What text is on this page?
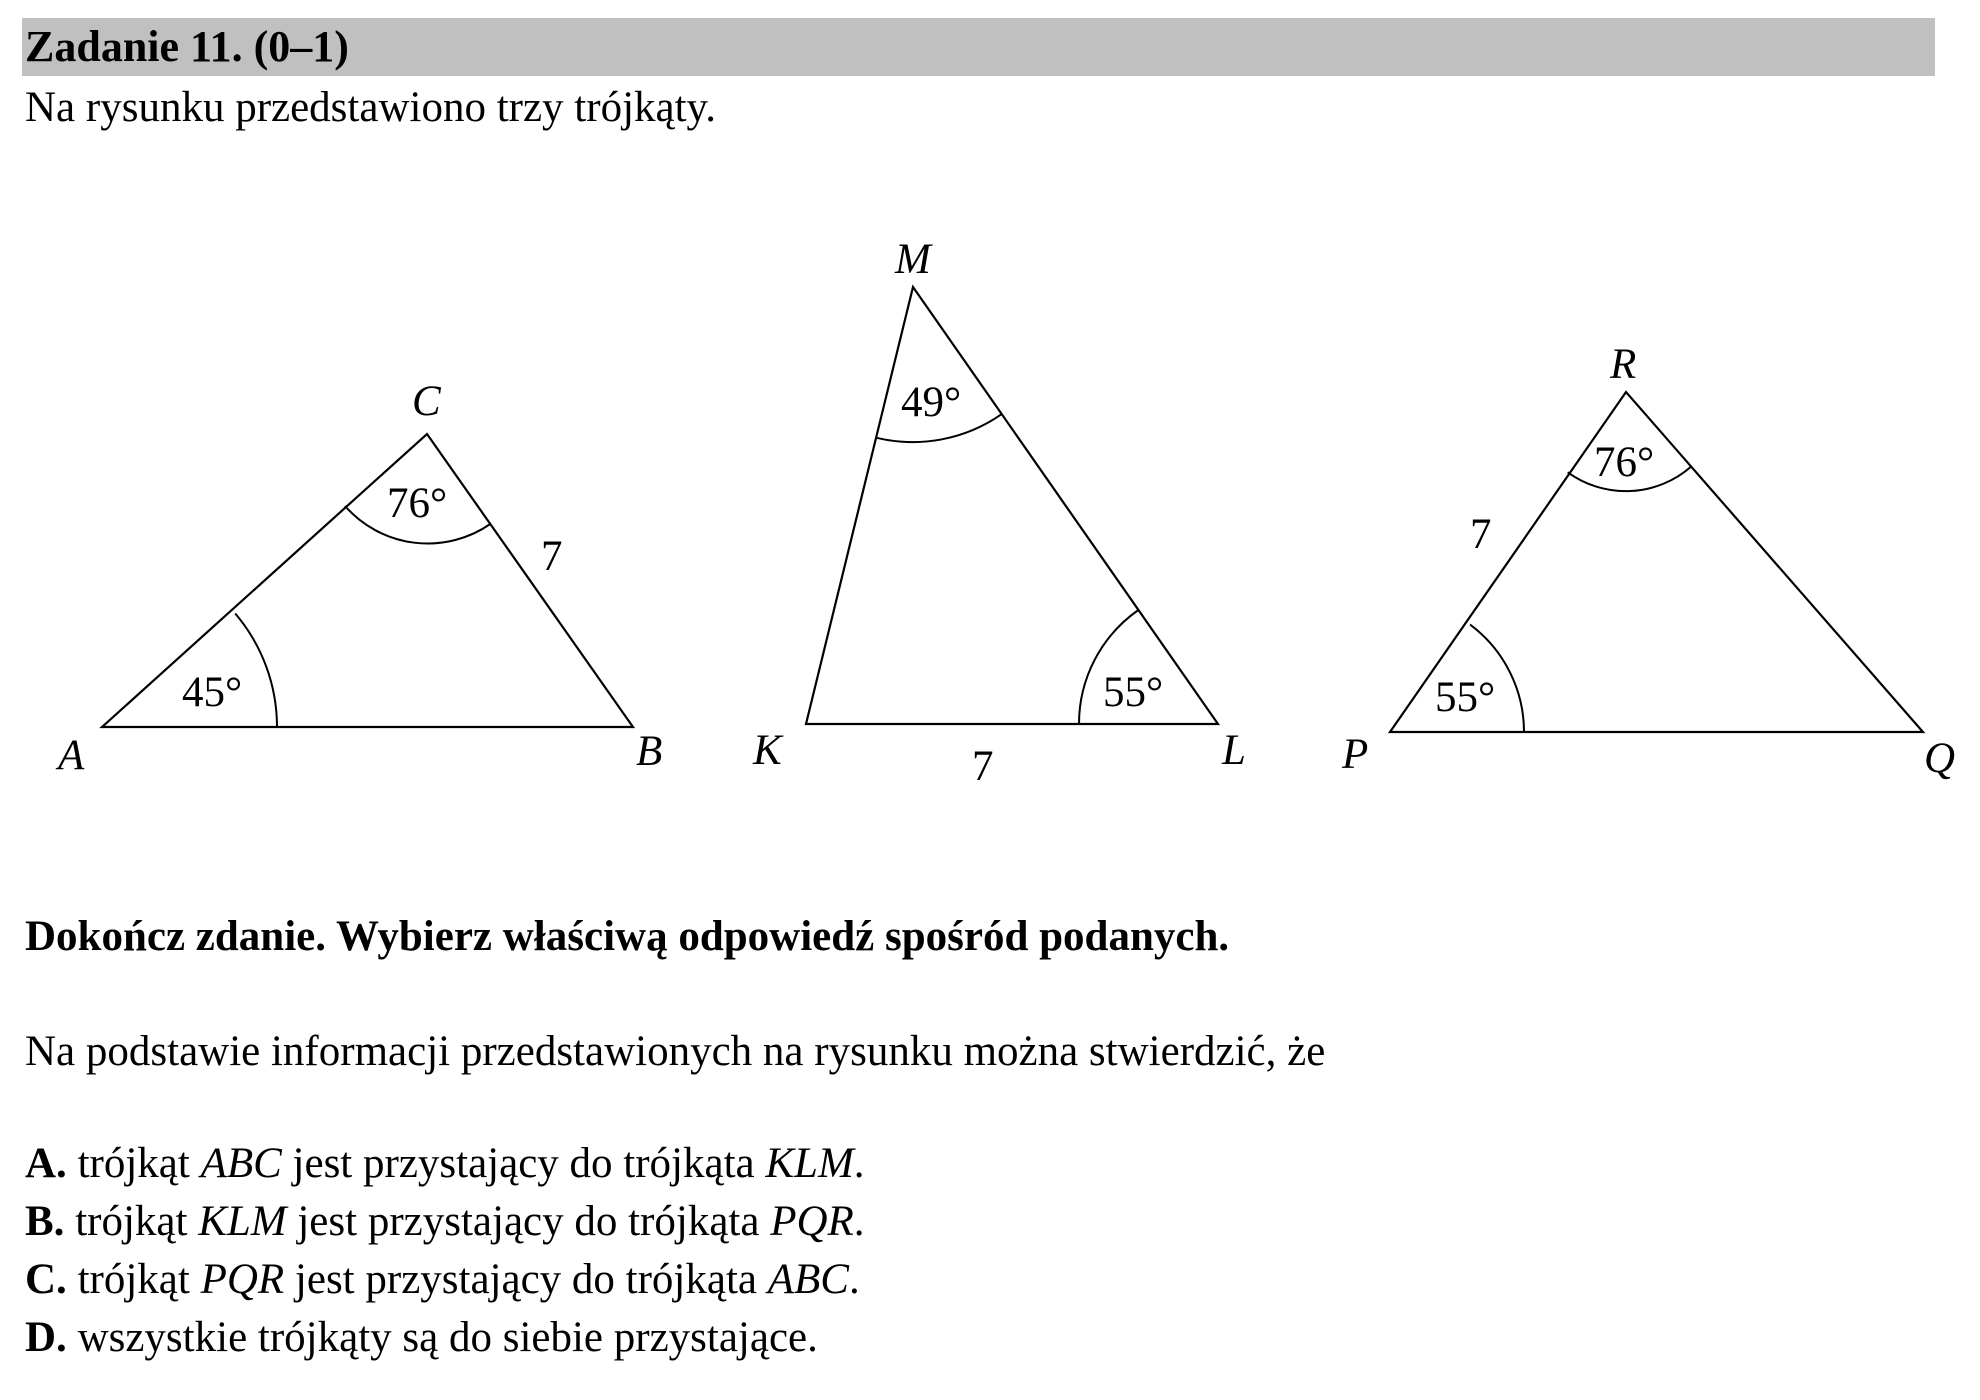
Zadanie 11. (0–1)
Na rysunku przedstawiono trzy trójkąty.
A	B
C
45°
76°
7
K	L
M
49°
55°
7	P	Q
R
55°
76°
7
Dokończ zdanie. Wybierz właściwą odpowiedź spośród podanych.
Na podstawie informacji przedstawionych na rysunku można stwierdzić, że
A. trójkąt ABC jest przystający do trójkąta KLM.
B. trójkąt KLM jest przystający do trójkąta PQR.
C. trójkąt PQR jest przystający do trójkąta ABC.
D. wszystkie trójkąty są do siebie przystające.
